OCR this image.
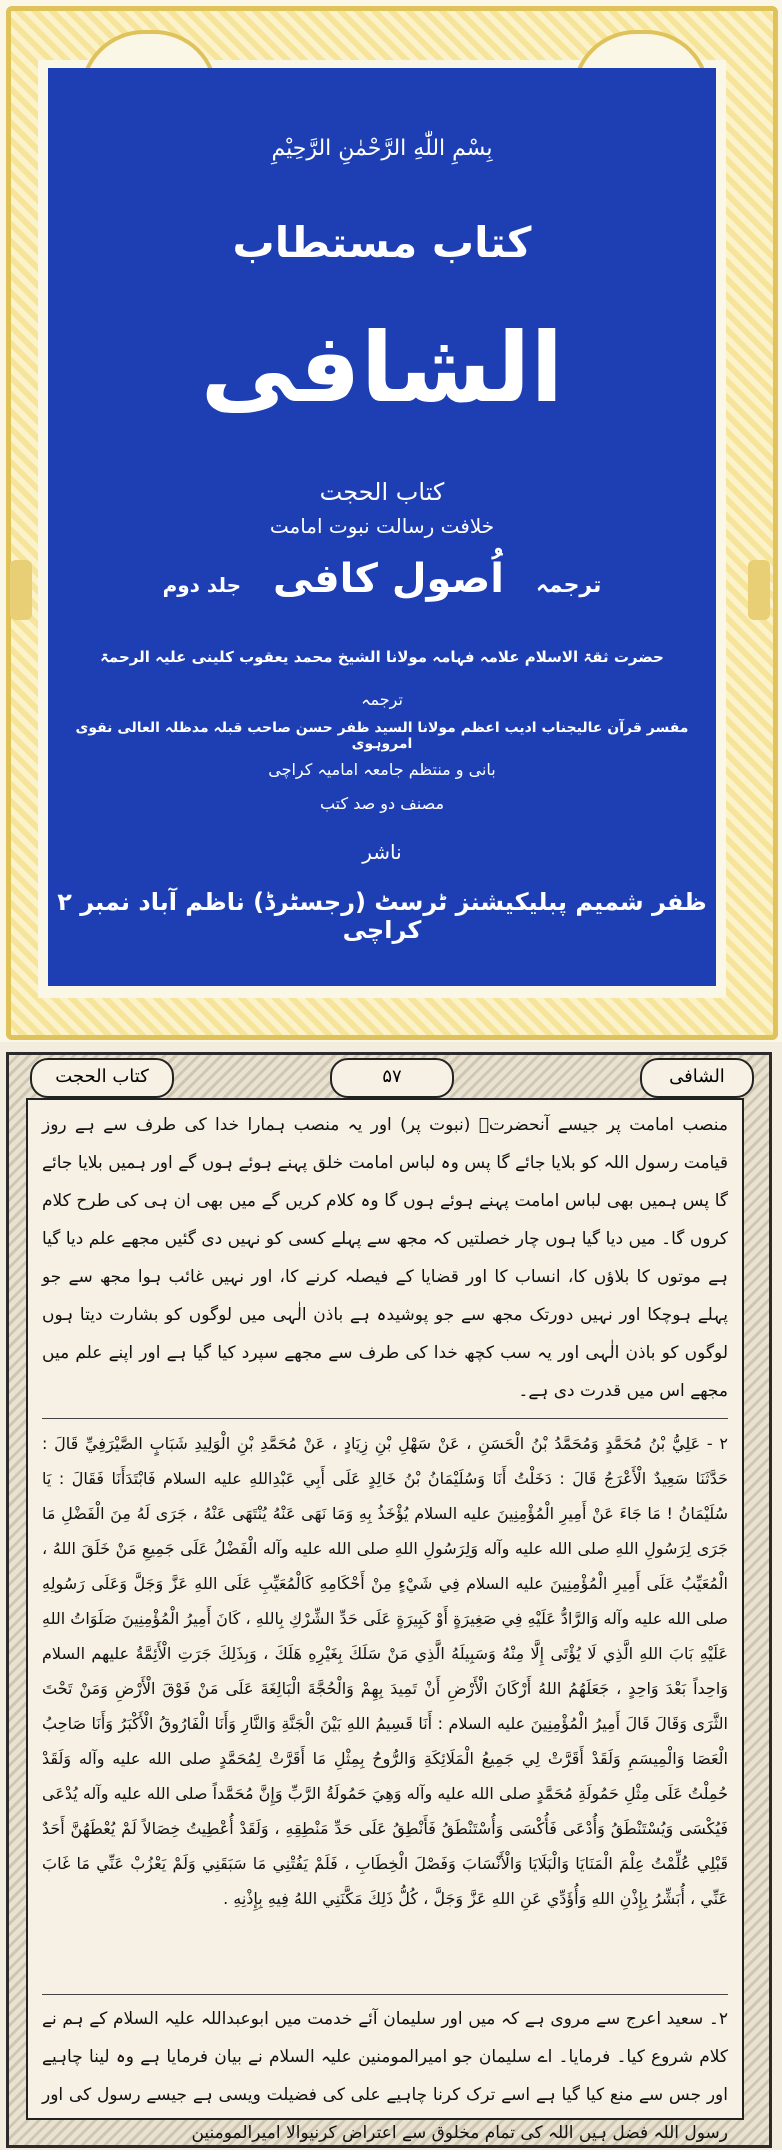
بِسْمِ اللّٰهِ الرَّحْمٰنِ الرَّحِيْمِ
کتاب مستطاب
الشافی
کتاب الحجت
خلافت رسالت نبوت امامت
ترجمہ اُصول کافی جلد دوم
حضرت ثقۃ الاسلام علامہ فہامہ مولانا الشیخ محمد یعقوب کلینی علیہ الرحمۃ
ترجمہ
مفسر قرآن عالیجناب ادیب اعظم مولانا السید ظفر حسن صاحب قبلہ مدظلہ العالی نقوی امروہوی
بانی و منتظم جامعہ امامیہ کراچی
مصنف دو صد کتب
ناشر
ظفر شمیم پبلیکیشنز ٹرسٹ (رجسٹرڈ) ناظم آباد نمبر ۲ کراچی
الشافی
۵۷
کتاب الحجت
منصب امامت پر جیسے آنحضرتؐ (نبوت پر) اور یہ منصب ہمارا خدا کی طرف سے ہے روز قیامت رسول اللہ کو بلایا جائے گا پس وہ لباس امامت خلق پہنے ہوئے ہوں گے اور ہمیں بلایا جائے گا پس ہمیں بھی لباس امامت پہنے ہوئے ہوں گا وہ کلام کریں گے میں بھی ان ہی کی طرح کلام کروں گا۔ میں دیا گیا ہوں چار خصلتیں کہ مجھ سے پہلے کسی کو نہیں دی گئیں مجھے علم دیا گیا ہے موتوں کا بلاؤں کا، انساب کا اور قضایا کے فیصلہ کرنے کا، اور نہیں غائب ہوا مجھ سے جو پہلے ہوچکا اور نہیں دورتک مجھ سے جو پوشیدہ ہے باذن الٰہی میں لوگوں کو بشارت دیتا ہوں لوگوں کو باذن الٰہی اور یہ سب کچھ خدا کی طرف سے مجھے سپرد کیا گیا ہے اور اپنے علم میں مجھے اس میں قدرت دی ہے۔
٢ - عَلِيُّ بْنُ مُحَمَّدٍ وَمُحَمَّدُ بْنُ الْحَسَنِ ، عَنْ سَهْلِ بْنِ زِيَادٍ ، عَنْ مُحَمَّدِ بْنِ الْوَلِيدِ شَبَابٍ الصَّيْرَفِيِّ قَالَ : حَدَّثَنَا سَعِيدٌ الْأَعْرَجُ قَالَ : دَخَلْتُ أَنَا وَسُلَيْمَانُ بْنُ خَالِدٍ عَلَى أَبِي عَبْدِاللهِ عليه السلام فَابْتَدَأَنَا فَقَالَ : يَا سُلَيْمَانُ ! مَا جَاءَ عَنْ أَمِيرِ الْمُؤْمِنِينَ عليه السلام يُؤْخَذُ بِهِ وَمَا نَهَى عَنْهُ يُنْتَهَى عَنْهُ ، جَرَى لَهُ مِنَ الْفَضْلِ مَا جَرَى لِرَسُولِ اللهِ صلى الله عليه وآله وَلِرَسُولِ اللهِ صلى الله عليه وآله الْفَضْلُ عَلَى جَمِيعِ مَنْ خَلَقَ اللهُ ، الْمُعَيِّبُ عَلَى أَمِيرِ الْمُؤْمِنِينَ عليه السلام فِي شَيْءٍ مِنْ أَحْكَامِهِ كَالْمُعَيِّبِ عَلَى اللهِ عَزَّ وَجَلَّ وَعَلَى رَسُولِهِ صلى الله عليه وآله وَالرَّادُّ عَلَيْهِ فِي صَغِيرَةٍ أَوْ كَبِيرَةٍ عَلَى حَدِّ الشِّرْكِ بِاللهِ ، كَانَ أَمِيرُ الْمُؤْمِنِينَ صَلَوَاتُ اللهِ عَلَيْهِ بَابَ اللهِ الَّذِي لَا يُؤْتَى إِلَّا مِنْهُ وَسَبِيلَهُ الَّذِي مَنْ سَلَكَ بِغَيْرِهِ هَلَكَ ، وَبِذَلِكَ جَرَتِ الْأَئِمَّةُ عليهم السلام وَاحِداً بَعْدَ وَاحِدٍ ، جَعَلَهُمُ اللهُ أَرْكَانَ الْأَرْضِ أَنْ تَمِيدَ بِهِمْ وَالْحُجَّةَ الْبَالِغَةَ عَلَى مَنْ فَوْقَ الْأَرْضِ وَمَنْ تَحْتَ الثَّرَى وَقَالَ قَالَ أَمِيرُ الْمُؤْمِنِينَ عليه السلام : أَنَا قَسِيمُ اللهِ بَيْنَ الْجَنَّةِ وَالنَّارِ وَأَنَا الْفَارُوقُ الْأَكْبَرُ وَأَنَا صَاحِبُ الْعَصَا وَالْمِيسَمِ وَلَقَدْ أَقَرَّتْ لِي جَمِيعُ الْمَلَائِكَةِ وَالرُّوحُ بِمِثْلِ مَا أَقَرَّتْ لِمُحَمَّدٍ صلى الله عليه وآله وَلَقَدْ حُمِلْتُ عَلَى مِثْلِ حَمُولَةِ مُحَمَّدٍ صلى الله عليه وآله وَهِيَ حَمُولَةُ الرَّبِّ وَإِنَّ مُحَمَّداً صلى الله عليه وآله يُدْعَى فَيُكْسَى وَيُسْتَنْطَقُ وَأُدْعَى فَأُكْسَى وَأُسْتَنْطَقُ فَأَنْطِقُ عَلَى حَدِّ مَنْطِقِهِ ، وَلَقَدْ أُعْطِيتُ خِصَالاً لَمْ يُعْطَهُنَّ أَحَدٌ قَبْلِي عُلِّمْتُ عِلْمَ الْمَنَايَا وَالْبَلَايَا وَالْأَنْسَابَ وَفَصْلَ الْخِطَابِ ، فَلَمْ يَفُتْنِي مَا سَبَقَنِي وَلَمْ يَعْزُبْ عَنِّي مَا غَابَ عَنِّي ، أُبَشِّرُ بِإِذْنِ اللهِ وَأُؤَدِّي عَنِ اللهِ عَزَّ وَجَلَّ ، كُلُّ ذَلِكَ مَكَّنَنِي اللهُ فِيهِ بِإِذْنِهِ .
۲۔ سعید اعرج سے مروی ہے کہ میں اور سلیمان آئے خدمت میں ابوعبداللہ علیہ السلام کے ہم نے کلام شروع کیا۔ فرمایا۔ اے سلیمان جو امیرالمومنین علیہ السلام نے بیان فرمایا ہے وہ لینا چاہیے اور جس سے منع کیا گیا ہے اسے ترک کرنا چاہیے علی کی فضیلت ویسی ہے جیسے رسول کی اور رسول اللہ فضل ہیں اللہ کی تمام مخلوق سے اعتراض کرنیوالا امیرالمومنین
